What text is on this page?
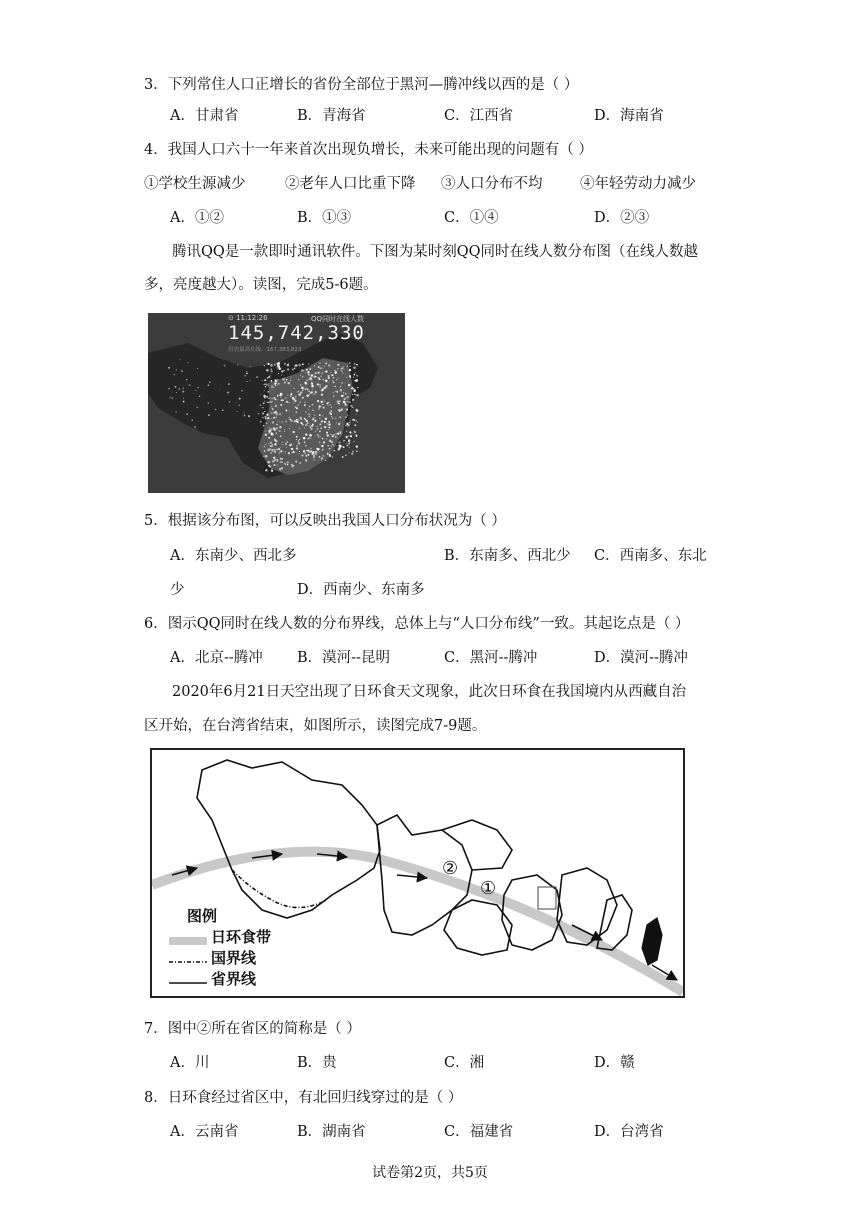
3．下列常住人口正增长的省份全部位于黑河—腾冲线以西的是（ ）
A．甘肃省	B．青海省	C．江西省	D．海南省
4．我国人口六十一年来首次出现负增长，未来可能出现的问题有（ ）
①学校生源减少	②老年人口比重下降 ③人口分布不均	④年轻劳动力减少
A．①②	B．①③	C．①④	D．②③
腾讯QQ是一款即时通讯软件。下图为某时刻QQ同时在线人数分布图（在线人数越
多，亮度越大）。读图，完成5-6题。
5．根据该分布图，可以反映出我国人口分布状况为（ ）
A．东南少、西北多	B．东南多、西北少 C．西南多、东北
少	D．西南少、东南多
6．图示QQ同时在线人数的分布界线，总体上与“人口分布线”一致。其起讫点是（ ）
A．北京--腾冲 B．漠河--昆明	C．黑河--腾冲	D．漠河--腾冲
2020年6月21日天空出现了日环食天文现象，此次日环食在我国境内从西藏自治
区开始，在台湾省结束，如图所示，读图完成7-9题。
7．图中②所在省区的简称是（ ）
A．川	B．贵	C．湘	D．赣
8．日环食经过省区中，有北回归线穿过的是（ ）
A．云南省	B．湖南省	C．福建省	D．台湾省
⊙ 11:12:26	QQ同时在线人数
145,742,330
历史最高在线：167,383,823
②
①
图例
日环食带
国界线
省界线
试卷第2页，共5页
